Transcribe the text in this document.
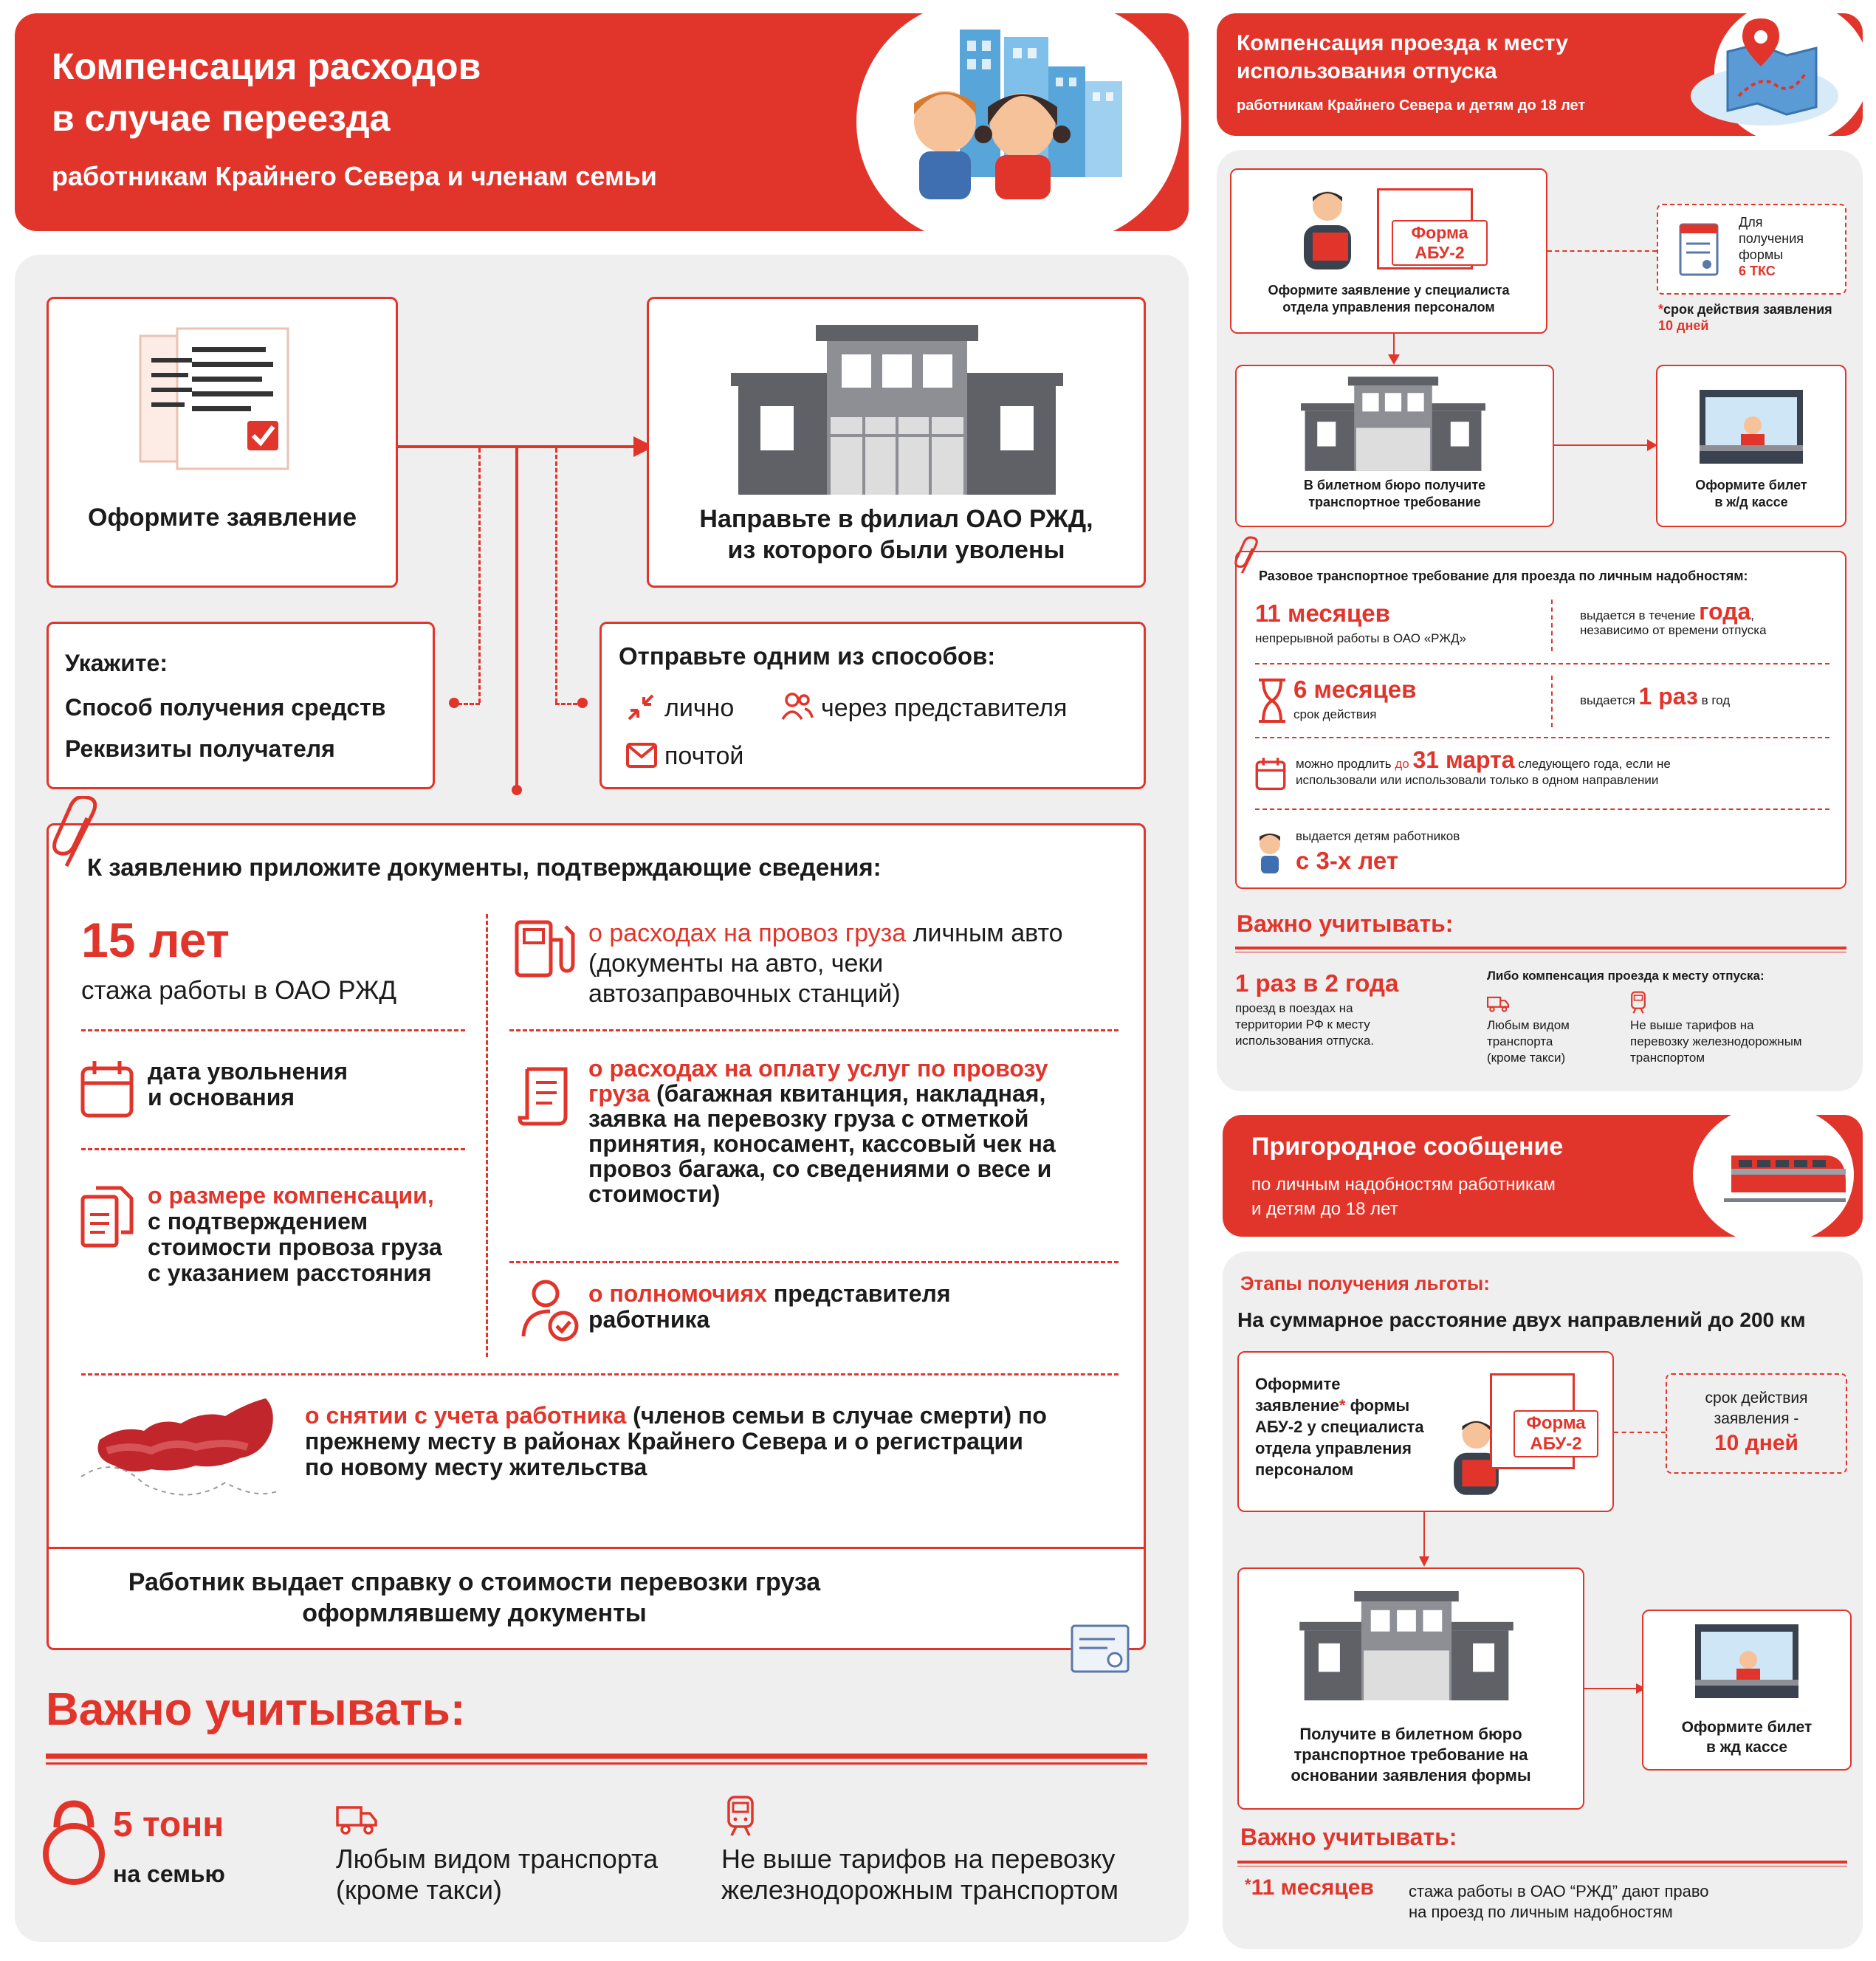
Компенсация расходов
в случае переезда
работникам Крайнего Севера и членам семьи
Оформите заявление	Направьте в филиал ОАО РЖД,
из которого были уволены
Укажите:
Способ получения средств
Реквизиты получателя
Отправьте одним из способов:
лично	через представителя
почтой
К заявлению приложите документы, подтверждающие сведения:
15 лет
стажа работы в ОАО РЖД
дата увольнения
и основания
о размере компенсации,
с подтверждением
стоимости провоза груза
с указанием расстояния
о расходах на провоз груза личным авто
(документы на авто, чеки
автозаправочных станций)
о расходах на оплату услуг по провозу
груза (багажная квитанция, накладная,
заявка на перевозку груза с отметкой
принятия, коносамент, кассовый чек на
провоз багажа, со сведениями о весе и
стоимости)
о полномочиях представителя
работника
о снятии с учета работника (членов семьи в случае смерти) по
прежнему месту в районах Крайнего Севера и о регистрации
по новому месту жительства
Работник выдает справку о стоимости перевозки груза
оформлявшему документы
Важно учитывать:
5 тонн
на семью	Любым видом транспорта
(кроме такси)
Не выше тарифов на перевозку
железнодорожным транспортом
Компенсация проезда к месту
использования отпуска
работникам Крайнего Севера и детям до 18 лет
Форма
АБУ-2
Оформите заявление у специалиста
отдела управления персоналом
Для
получения
формы
6 ТКС
*срок действия заявления
10 дней
В билетном бюро получите
транспортное требование
Оформите билет
в ж/д кассе
Разовое транспортное требование для проезда по личным надобностям:
11 месяцев
непрерывной работы в ОАО «РЖД»
выдается в течение года,
независимо от времени отпуска
6 месяцев
срок действия
выдается 1 раз в год
можно продлить до 31 марта следующего года, если не
использовали или использовали только в одном направлении
выдается детям работников
с 3-х лет
Важно учитывать:
1 раз в 2 года
проезд в поездах на
территории РФ к месту
использования отпуска.
Либо компенсация проезда к месту отпуска:
Любым видом
транспорта
(кроме такси)
Не выше тарифов на
перевозку железнодорожным
транспортом
Пригородное сообщение
по личным надобностям работникам
и детям до 18 лет
Этапы получения льготы:
На суммарное расстояние двух направлений до 200 км
Оформите
заявление* формы
АБУ-2 у специалиста
отдела управления
персоналом
Форма
АБУ-2
срок действия
заявления -
10 дней
Получите в билетном бюро
транспортное требование на
основании заявления формы
Оформите билет
в жд кассе
Важно учитывать:
*11 месяцев стажа работы в ОАО “РЖД” дают право
на проезд по личным надобностям
